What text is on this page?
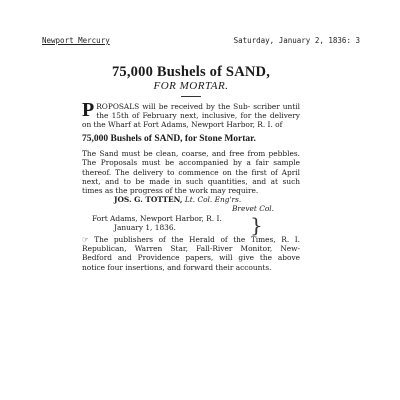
Newport Mercury	Saturday, January 2, 1836: 3
75,000 Bushels of SAND,
FOR MORTAR.
PROPOSALS will be received by the Sub- scriber until the 15th of February next, inclusive, for the delivery on the Wharf at Fort Adams, Newport Harbor, R. I. of
75,000 Bushels of SAND, for Stone Mortar.
The Sand must be clean, coarse, and free from pebbles. The Proposals must be accompanied by a fair sample thereof. The delivery to commence on the first of April next, and to be made in such quantities, and at such times as the progress of the work may require.
JOS. G. TOTTEN, Lt. Col. Eng'rs.
Brevet Col.
Fort Adams, Newport Harbor, R. I.
January 1, 1836.	}
☞ The publishers of the Herald of the Times, R. I. Republican, Warren Star, Fall-River Monitor, New-Bedford and Providence papers, will give the above notice four insertions, and forward their accounts.
